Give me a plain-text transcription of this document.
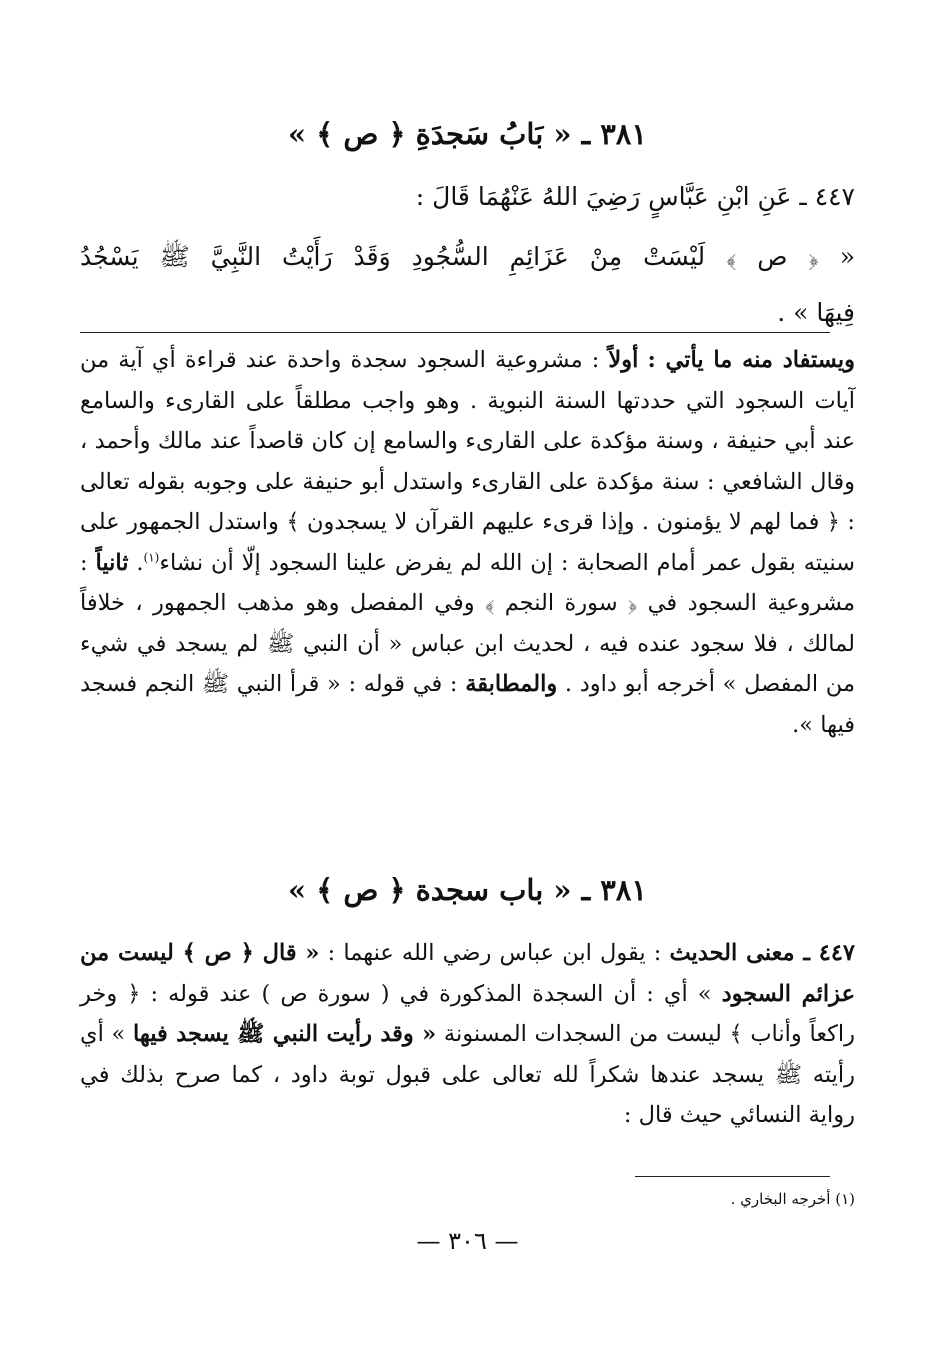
٣٨١ ـ « بَابُ سَجدَةِ ﴿ ص ﴾ »
٤٤٧ ـ عَنِ ابْنِ عَبَّاسٍ رَضِيَ اللهُ عَنْهُمَا قَالَ :
« ﴿ ص ﴾ لَيْسَتْ مِنْ عَزَائِمِ السُّجُودِ وَقَدْ رَأَيْتُ النَّبِيَّ ﷺ يَسْجُدُ
فِيهَا » .
ويستفاد منه ما يأتي : أولاً : مشروعية السجود سجدة واحدة عند قراءة أي آية من آيات السجود التي حددتها السنة النبوية . وهو واجب مطلقاً على القارىء والسامع عند أبي حنيفة ، وسنة مؤكدة على القارىء والسامع إن كان قاصداً عند مالك وأحمد ، وقال الشافعي : سنة مؤكدة على القارىء واستدل أبو حنيفة على وجوبه بقوله تعالى : ﴿ فما لهم لا يؤمنون . وإذا قرىء عليهم القرآن لا يسجدون ﴾ واستدل الجمهور على سنيته بقول عمر أمام الصحابة : إن الله لم يفرض علينا السجود إلّا أن نشاء$^{(١)}$. ثانياً : مشروعية السجود في ﴿ سورة النجم ﴾ وفي المفصل وهو مذهب الجمهور ، خلافاً لمالك ، فلا سجود عنده فيه ، لحديث ابن عباس « أن النبي ﷺ لم يسجد في شيء من المفصل » أخرجه أبو داود . والمطابقة : في قوله : « قرأ النبي ﷺ النجم فسجد فيها ».
٣٨١ ـ « باب سجدة ﴿ ص ﴾ »
٤٤٧ ـ معنى الحديث : يقول ابن عباس رضي الله عنهما : « قال ﴿ ص ﴾ ليست من عزائم السجود » أي : أن السجدة المذكورة في ( سورة ص ) عند قوله : ﴿ وخر راكعاً وأناب ﴾ ليست من السجدات المسنونة « وقد رأيت النبي ﷺ يسجد فيها » أي رأيته ﷺ يسجد عندها شكراً لله تعالى على قبول توبة داود ، كما صرح بذلك في رواية النسائي حيث قال :
(١) أخرجه البخاري .
— ٣٠٦ —
